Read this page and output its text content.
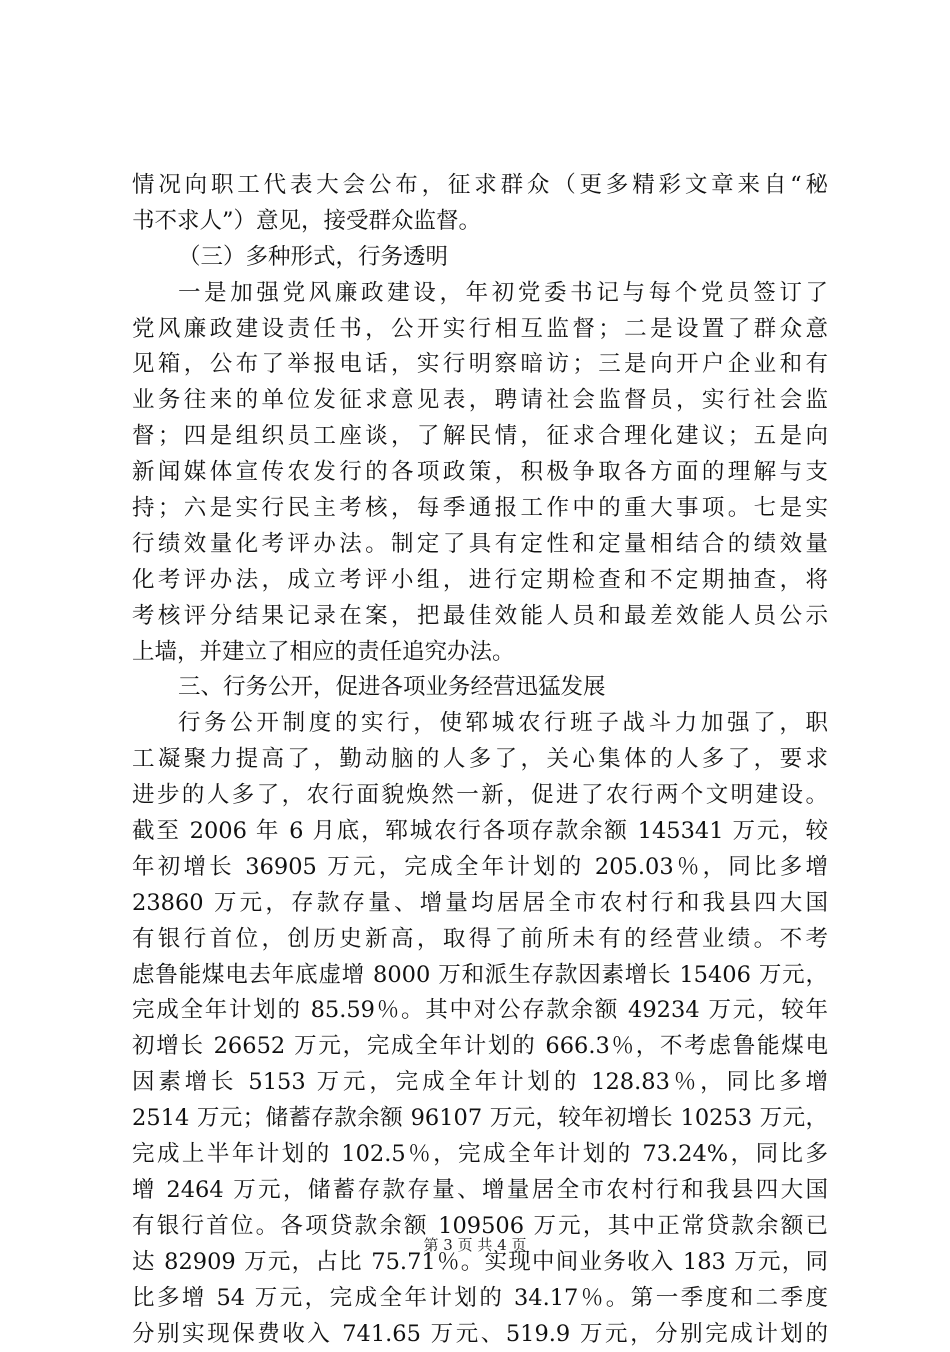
情况向职工代表大会公布，征求群众（更多精彩文章来自“秘
书不求人”）意见，接受群众监督。
（三）多种形式，行务透明
一是加强党风廉政建设，年初党委书记与每个党员签订了
党风廉政建设责任书，公开实行相互监督；二是设置了群众意
见箱，公布了举报电话，实行明察暗访；三是向开户企业和有
业务往来的单位发征求意见表，聘请社会监督员，实行社会监
督；四是组织员工座谈，了解民情，征求合理化建议；五是向
新闻媒体宣传农发行的各项政策，积极争取各方面的理解与支
持；六是实行民主考核，每季通报工作中的重大事项。七是实
行绩效量化考评办法。制定了具有定性和定量相结合的绩效量
化考评办法，成立考评小组，进行定期检查和不定期抽查，将
考核评分结果记录在案，把最佳效能人员和最差效能人员公示
上墙，并建立了相应的责任追究办法。
三、行务公开，促进各项业务经营迅猛发展
行务公开制度的实行，使郓城农行班子战斗力加强了，职
工凝聚力提高了，勤动脑的人多了，关心集体的人多了，要求
进步的人多了，农行面貌焕然一新，促进了农行两个文明建设。
截至 2006 年 6 月底，郓城农行各项存款余额 145341 万元，较
年初增长 36905 万元，完成全年计划的 205.03％，同比多增
23860 万元，存款存量、增量均居居全市农村行和我县四大国
有银行首位，创历史新高，取得了前所未有的经营业绩。不考
虑鲁能煤电去年底虚增 8000 万和派生存款因素增长 15406 万元，
完成全年计划的 85.59％。其中对公存款余额 49234 万元，较年
初增长 26652 万元，完成全年计划的 666.3％，不考虑鲁能煤电
因素增长 5153 万元，完成全年计划的 128.83％，同比多增
2514 万元；储蓄存款余额 96107 万元，较年初增长 10253 万元，
完成上半年计划的 102.5％，完成全年计划的 73.24%，同比多
增 2464 万元，储蓄存款存量、增量居全市农村行和我县四大国
有银行首位。各项贷款余额 109506 万元，其中正常贷款余额已
达 82909 万元，占比 75.71％。实现中间业务收入 183 万元，同
比多增 54 万元，完成全年计划的 34.17％。第一季度和二季度
分别实现保费收入 741.65 万元、519.9 万元，分别完成计划的
第 3 页 共 4 页
